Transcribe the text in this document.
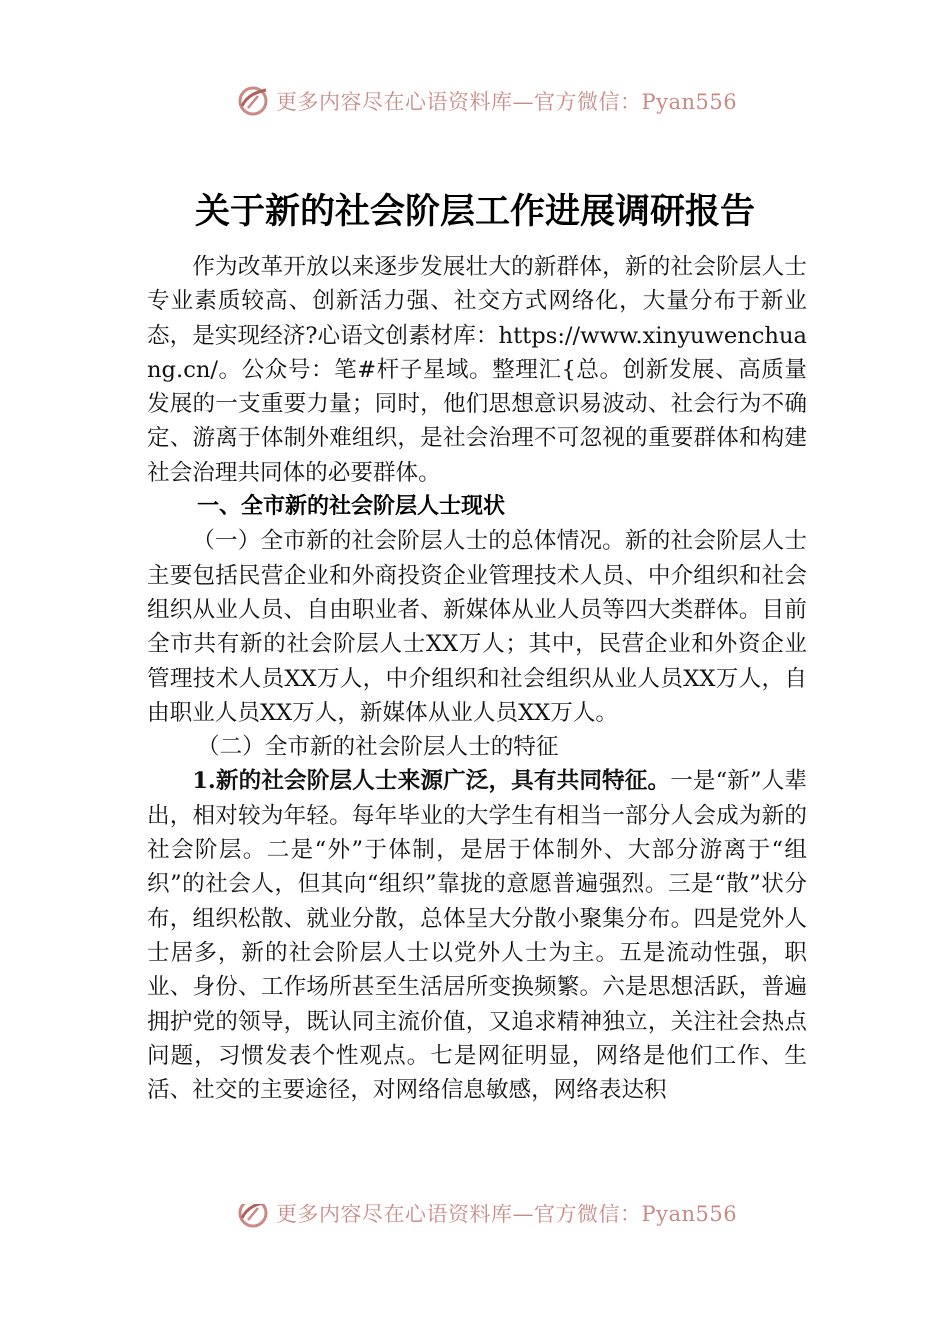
更多内容尽在心语资料库—官方微信：Pyan556
关于新的社会阶层工作进展调研报告

作为改革开放以来逐步发展壮大的新群体，新的社会阶层人士专业素质较高、创新活力强、社交方式网络化，大量分布于新业态，是实现经济?心语文创素材库：https://www.xinyuwenchuang.cn/。公众号：笔#杆子星域。整理汇{总。创新发展、高质量发展的一支重要力量；同时，他们思想意识易波动、社会行为不确定、游离于体制外难组织，是社会治理不可忽视的重要群体和构建社会治理共同体的必要群体。

一、全市新的社会阶层人士现状

（一）全市新的社会阶层人士的总体情况。新的社会阶层人士主要包括民营企业和外商投资企业管理技术人员、中介组织和社会组织从业人员、自由职业者、新媒体从业人员等四大类群体。目前全市共有新的社会阶层人士XX万人；其中，民营企业和外资企业管理技术人员XX万人，中介组织和社会组织从业人员XX万人，自由职业人员XX万人，新媒体从业人员XX万人。

（二）全市新的社会阶层人士的特征

1.新的社会阶层人士来源广泛，具有共同特征。一是“新”人辈出，相对较为年轻。每年毕业的大学生有相当一部分人会成为新的社会阶层。二是“外”于体制，是居于体制外、大部分游离于“组织”的社会人，但其向“组织”靠拢的意愿普遍强烈。三是“散”状分布，组织松散、就业分散，总体呈大分散小聚集分布。四是党外人士居多，新的社会阶层人士以党外人士为主。五是流动性强，职业、身份、工作场所甚至生活居所变换频繁。六是思想活跃，普遍拥护党的领导，既认同主流价值，又追求精神独立，关注社会热点问题，习惯发表个性观点。七是网征明显，网络是他们工作、生活、社交的主要途径，对网络信息敏感，网络表达积

更多内容尽在心语资料库—官方微信：Pyan556
